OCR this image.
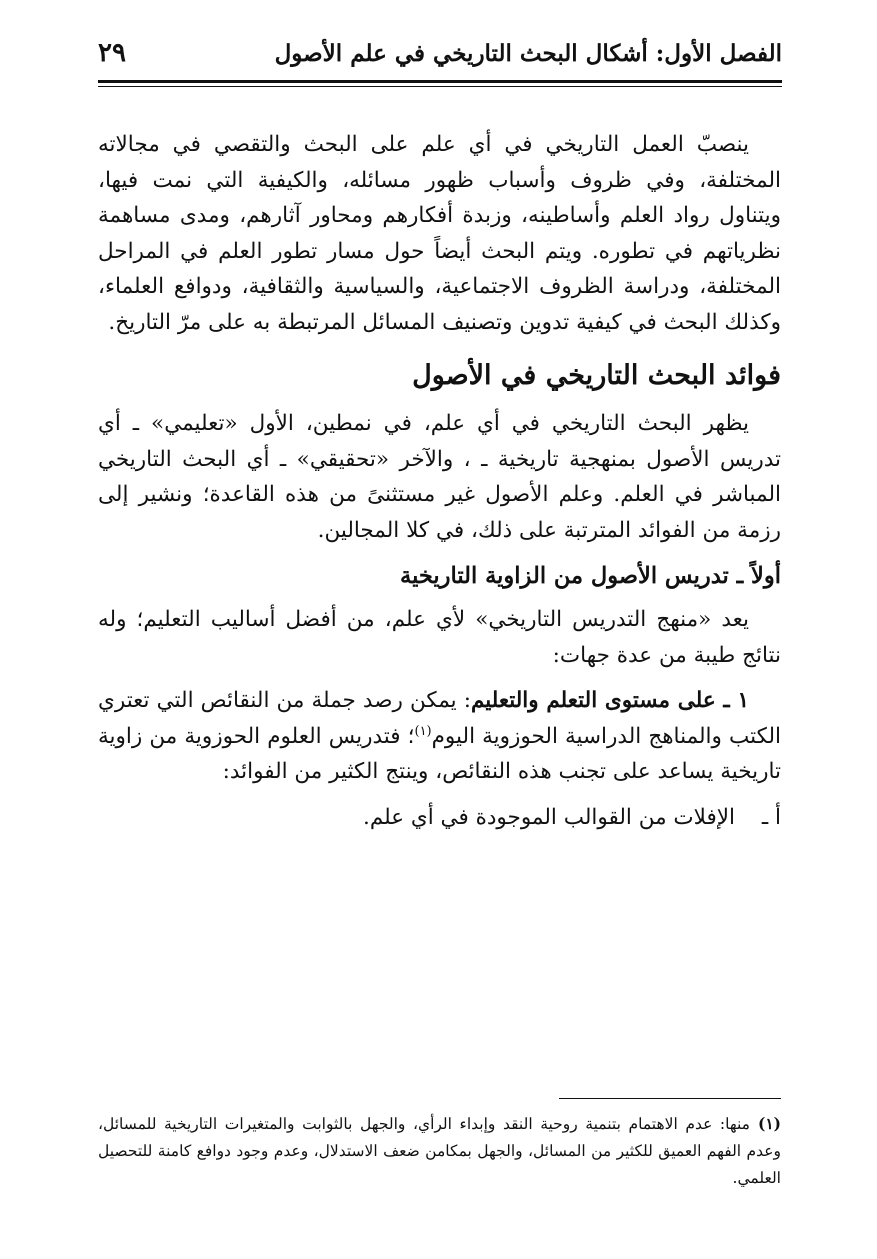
الفصل الأول: أشكال البحث التاريخي في علم الأصول
٢٩

ينصبّ العمل التاريخي في أي علم على البحث والتقصي في مجالاته المختلفة، وفي ظروف وأسباب ظهور مسائله، والكيفية التي نمت فيها، ويتناول رواد العلم وأساطينه، وزبدة أفكارهم ومحاور آثارهم، ومدى مساهمة نظرياتهم في تطوره. ويتم البحث أيضاً حول مسار تطور العلم في المراحل المختلفة، ودراسة الظروف الاجتماعية، والسياسية والثقافية، ودوافع العلماء، وكذلك البحث في كيفية تدوين وتصنيف المسائل المرتبطة به على مرّ التاريخ.

فوائد البحث التاريخي في الأصول

يظهر البحث التاريخي في أي علم، في نمطين، الأول «تعليمي» ـ أي تدريس الأصول بمنهجية تاريخية ـ ، والآخر «تحقيقي» ـ أي البحث التاريخي المباشر في العلم. وعلم الأصول غير مستثنىً من هذه القاعدة؛ ونشير إلى رزمة من الفوائد المترتبة على ذلك، في كلا المجالين.

أولاً ـ تدريس الأصول من الزاوية التاريخية

يعد «منهج التدريس التاريخي» لأي علم، من أفضل أساليب التعليم؛ وله نتائج طيبة من عدة جهات:

١ ـ على مستوى التعلم والتعليم: يمكن رصد جملة من النقائص التي تعتري الكتب والمناهج الدراسية الحوزوية اليوم$^{(١)}$؛ فتدريس العلوم الحوزوية من زاوية تاريخية يساعد على تجنب هذه النقائص، وينتج الكثير من الفوائد:

أ ـالإفلات من القوالب الموجودة في أي علم.
(١)منها: عدم الاهتمام بتنمية روحية النقد وإبداء الرأي، والجهل بالثوابت والمتغيرات التاريخية للمسائل، وعدم الفهم العميق للكثير من المسائل، والجهل بمكامن ضعف الاستدلال، وعدم وجود دوافع كامنة للتحصيل العلمي.
